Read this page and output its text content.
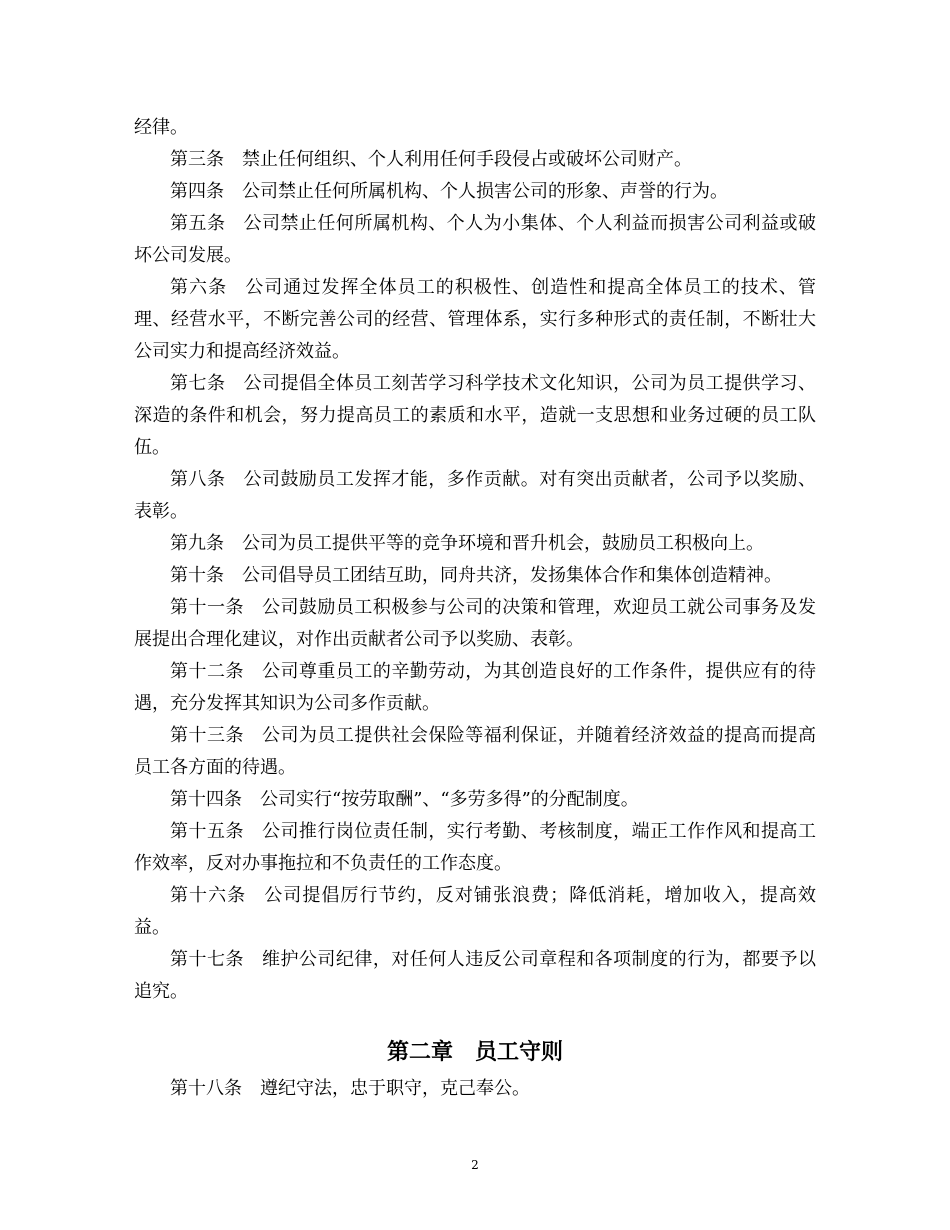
经律。

第三条 禁止任何组织、个人利用任何手段侵占或破坏公司财产。

第四条 公司禁止任何所属机构、个人损害公司的形象、声誉的行为。

第五条 公司禁止任何所属机构、个人为小集体、个人利益而损害公司利益或破坏公司发展。

第六条 公司通过发挥全体员工的积极性、创造性和提高全体员工的技术、管理、经营水平，不断完善公司的经营、管理体系，实行多种形式的责任制，不断壮大公司实力和提高经济效益。

第七条 公司提倡全体员工刻苦学习科学技术文化知识，公司为员工提供学习、深造的条件和机会，努力提高员工的素质和水平，造就一支思想和业务过硬的员工队伍。

第八条 公司鼓励员工发挥才能，多作贡献。对有突出贡献者，公司予以奖励、表彰。

第九条 公司为员工提供平等的竞争环境和晋升机会，鼓励员工积极向上。

第十条 公司倡导员工团结互助，同舟共济，发扬集体合作和集体创造精神。

第十一条 公司鼓励员工积极参与公司的决策和管理，欢迎员工就公司事务及发展提出合理化建议，对作出贡献者公司予以奖励、表彰。

第十二条 公司尊重员工的辛勤劳动，为其创造良好的工作条件，提供应有的待遇，充分发挥其知识为公司多作贡献。

第十三条 公司为员工提供社会保险等福利保证，并随着经济效益的提高而提高员工各方面的待遇。

第十四条 公司实行“按劳取酬”、“多劳多得”的分配制度。

第十五条 公司推行岗位责任制，实行考勤、考核制度，端正工作作风和提高工作效率，反对办事拖拉和不负责任的工作态度。

第十六条 公司提倡厉行节约，反对铺张浪费；降低消耗，增加收入，提高效益。

第十七条 维护公司纪律，对任何人违反公司章程和各项制度的行为，都要予以追究。

第二章 员工守则

第十八条 遵纪守法，忠于职守，克己奉公。

2
